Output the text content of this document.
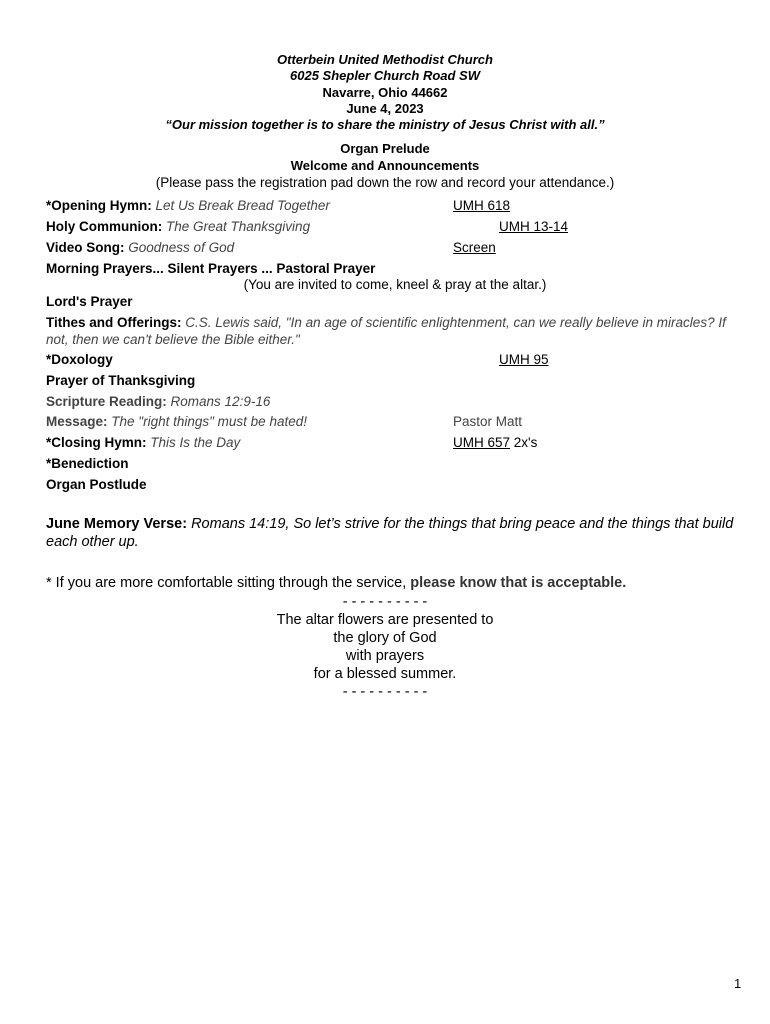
Otterbein United Methodist Church
6025 Shepler Church Road SW
Navarre, Ohio 44662
June 4, 2023
“Our mission together is to share the ministry of Jesus Christ with all.”
Organ Prelude
Welcome and Announcements
(Please pass the registration pad down the row and record your attendance.)
*Opening Hymn: Let Us Break Bread Together	UMH 618
Holy Communion: The Great Thanksgiving	UMH 13-14
Video Song: Goodness of God	Screen
Morning Prayers... Silent Prayers ... Pastoral Prayer
(You are invited to come, kneel & pray at the altar.)
Lord's Prayer
Tithes and Offerings: C.S. Lewis said, "In an age of scientific enlightenment, can we really believe in miracles? If
not, then we can't believe the Bible either."
*Doxology	UMH 95
Prayer of Thanksgiving
Scripture Reading: Romans 12:9-16
Message: The "right things" must be hated!	Pastor Matt
*Closing Hymn: This Is the Day	UMH 657 2x's
*Benediction
Organ Postlude
June Memory Verse: Romans 14:19, So let’s strive for the things that bring peace and the things that build each other up.
* If you are more comfortable sitting through the service, please know that is acceptable.
- - - - - - - - - -
The altar flowers are presented to
the glory of God
with prayers
for a blessed summer.
- - - - - - - - - -
1
